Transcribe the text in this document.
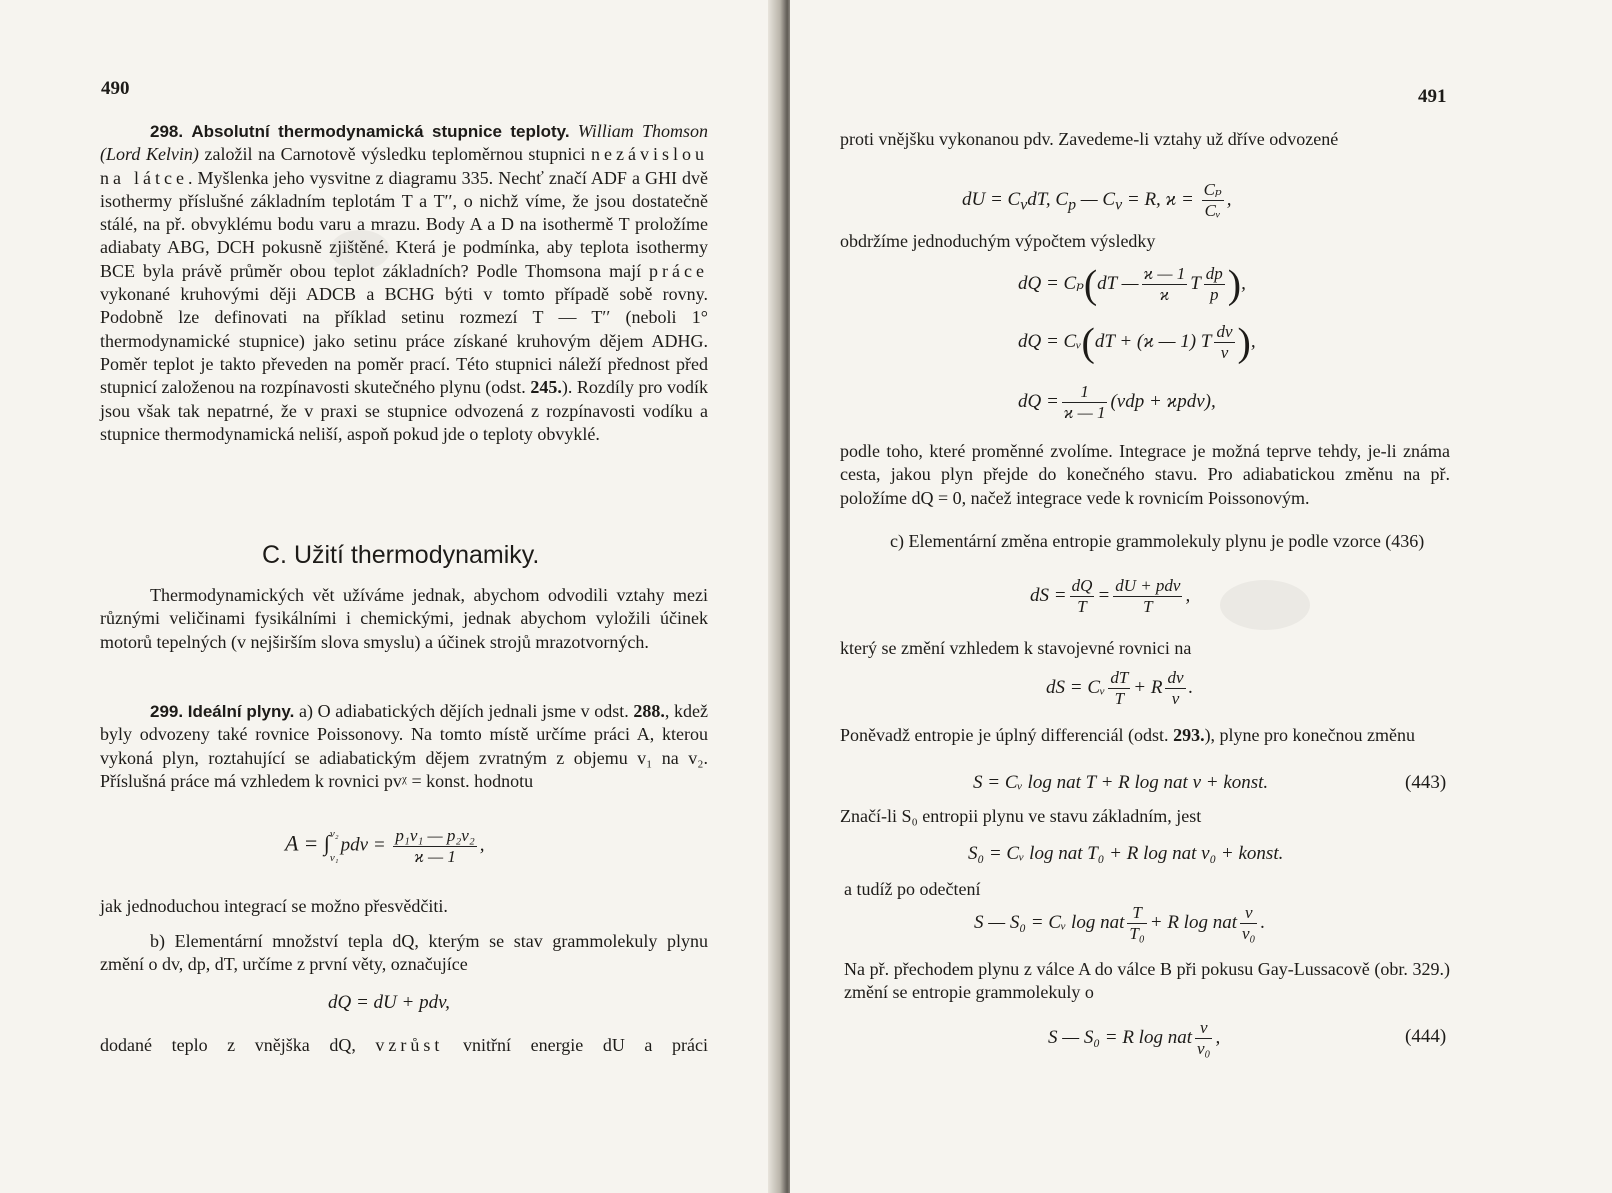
490

298. Absolutní thermodynamická stupnice teploty. William Thomson (Lord Kelvin) založil na Carnotově výsledku teploměrnou stupnici nezávislou na látce. Myšlenka jeho vysvitne z diagramu 335. Nechť značí ADF a GHI dvě isothermy příslušné základním teplotám T a T′′, o nichž víme, že jsou dostatečně stálé, na př. obvyklému bodu varu a mrazu. Body A a D na isothermě T proložíme adiabaty ABG, DCH pokusně zjištěné. Která je podmínka, aby teplota isothermy BCE byla právě průměr obou teplot základních? Podle Thomsona mají práce vykonané kruhovými ději ADCB a BCHG býti v tomto případě sobě rovny. Podobně lze definovati na příklad setinu rozmezí T — T′′ (neboli 1° thermodynamické stupnice) jako setinu práce získané kruhovým dějem ADHG. Poměr teplot je takto převeden na poměr prací. Této stupnici náleží přednost před stupnicí založenou na rozpínavosti skutečného plynu (odst. 245.). Rozdíly pro vodík jsou však tak nepatrné, že v praxi se stupnice odvozená z rozpínavosti vodíku a stupnice thermodynamická neliší, aspoň pokud jde o teploty obvyklé.

C. Užití thermodynamiky.

Thermodynamických vět užíváme jednak, abychom odvodili vztahy mezi různými veličinami fysikálními i chemickými, jednak abychom vyložili účinek motorů tepelných (v nejširším slova smyslu) a účinek strojů mrazotvorných.

299. Ideální plyny. a) O adiabatických dějích jednali jsme v odst. 288., kdež byly odvozeny také rovnice Poissonovy. Na tomto místě určíme práci A, kterou vykoná plyn, roztahující se adiabatickým dějem zvratným z objemu v₁ na v₂. Příslušná práce má vzhledem k rovnici pvᵡ = konst. hodnotu

A = ∫ v₂
v₁
pdv = $\frac{\text{p₁v₁ — p₂v₂}}{ϰ — 1}$ ,

jak jednoduchou integrací se možno přesvědčiti.

b) Elementární množství tepla dQ, kterým se stav grammolekuly plynu změní o dv, dp, dT, určíme z první věty, označujíce

dQ = dU + pdv,

dodané teplo z vnějška dQ, vzrůst vnitřní energie dU a práci

491

proti vnějšku vykonanou pdv. Zavedeme-li vztahy už dříve odvozené

dU = $C_vdT$, $C_p$ — $C_v = R$, $ϰ = \frac{\text{Cₚ}}{\text{Cᵥ}}$ ,

obdržíme jednoduchým výpočtem výsledky

dQ = Cₚ(dT — $\frac{ϰ — 1}{ϰ}$ T $\frac{dp}{p}$ ),
dQ = Cᵥ(dT + (ϰ — 1) T $\frac{dv}{v}$ ),
dQ = $\frac{1}{ϰ — 1} (vdp + ϰpdv)$,

podle toho, které proměnné zvolíme. Integrace je možná teprve tehdy, je-li známa cesta, jakou plyn přejde do konečného stavu. Pro adiabatickou změnu na př. položíme dQ = 0, načež integrace vede k rovnicím Poissonovým.

c) Elementární změna entropie grammolekuly plynu je podle vzorce (436)

dS = $\frac{dQ}{T}$ = dU + pdv
T
,

který se změní vzhledem k stavojevné rovnici na

dS = Cᵥ $\frac{dT}{T} + R \frac{dv}{v}$ .

Poněvadž entropie je úplný differenciál (odst. 293.), plyne pro konečnou změnu

S = Cᵥ log nat T + R log nat v + konst.	(443)

Značí-li S₀ entropii plynu ve stavu základním, jest

S₀ = Cᵥ log nat T₀ + R log nat v₀ + konst.

a tudíž po odečtení

S — S₀ = Cᵥ log nat $\frac{T}{\text{T₀}} + R$ log nat $\frac{v}{\text{v₀}}$ .

Na př. přechodem plynu z válce A do válce B při pokusu Gay-Lussacově (obr. 329.) změní se entropie grammolekuly o

S — S₀ = R log nat $\frac{v}{\text{v₀}}$ ,	(444)
